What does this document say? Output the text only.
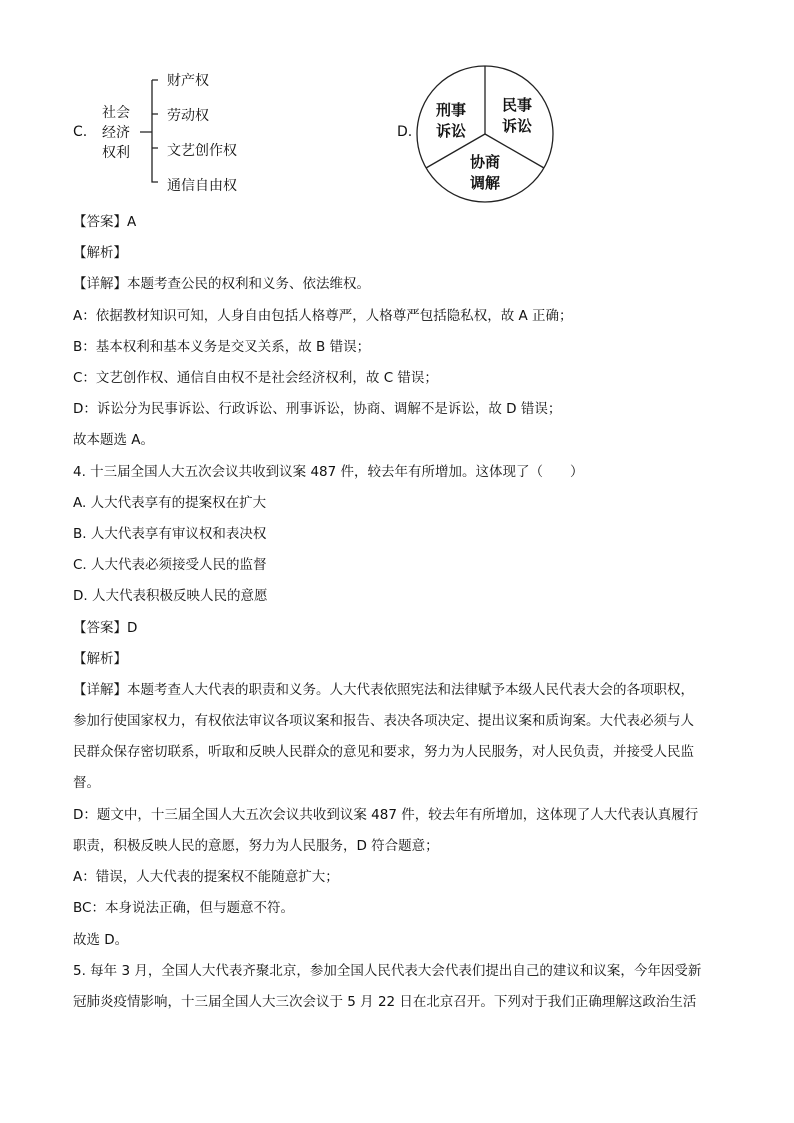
C.
社会
经济
权利
财产权
劳动权
文艺创作权
通信自由权
D.
刑事
诉讼
民事
诉讼
协商
调解
【答案】A
【解析】
【详解】本题考查公民的权利和义务、依法维权。
A：依据教材知识可知，人身自由包括人格尊严，人格尊严包括隐私权，故 A 正确；
B：基本权利和基本义务是交叉关系，故 B 错误；
C：文艺创作权、通信自由权不是社会经济权利，故 C 错误；
D：诉讼分为民事诉讼、行政诉讼、刑事诉讼，协商、调解不是诉讼，故 D 错误；
故本题选 A。
4. 十三届全国人大五次会议共收到议案 487 件，较去年有所增加。这体现了（　　）
A. 人大代表享有的提案权在扩大
B. 人大代表享有审议权和表决权
C. 人大代表必须接受人民的监督
D. 人大代表积极反映人民的意愿
【答案】D
【解析】
【详解】本题考查人大代表的职责和义务。人大代表依照宪法和法律赋予本级人民代表大会的各项职权，
参加行使国家权力，有权依法审议各项议案和报告、表决各项决定、提出议案和质询案。大代表必须与人
民群众保存密切联系，听取和反映人民群众的意见和要求，努力为人民服务，对人民负责，并接受人民监
督。
D：题文中，十三届全国人大五次会议共收到议案 487 件，较去年有所增加，这体现了人大代表认真履行
职责，积极反映人民的意愿，努力为人民服务，D 符合题意；
A：错误，人大代表的提案权不能随意扩大；
BC：本身说法正确，但与题意不符。
故选 D。
5. 每年 3 月，全国人大代表齐聚北京，参加全国人民代表大会代表们提出自己的建议和议案，今年因受新
冠肺炎疫情影响，十三届全国人大三次会议于 5 月 22 日在北京召开。下列对于我们正确理解这政治生活
